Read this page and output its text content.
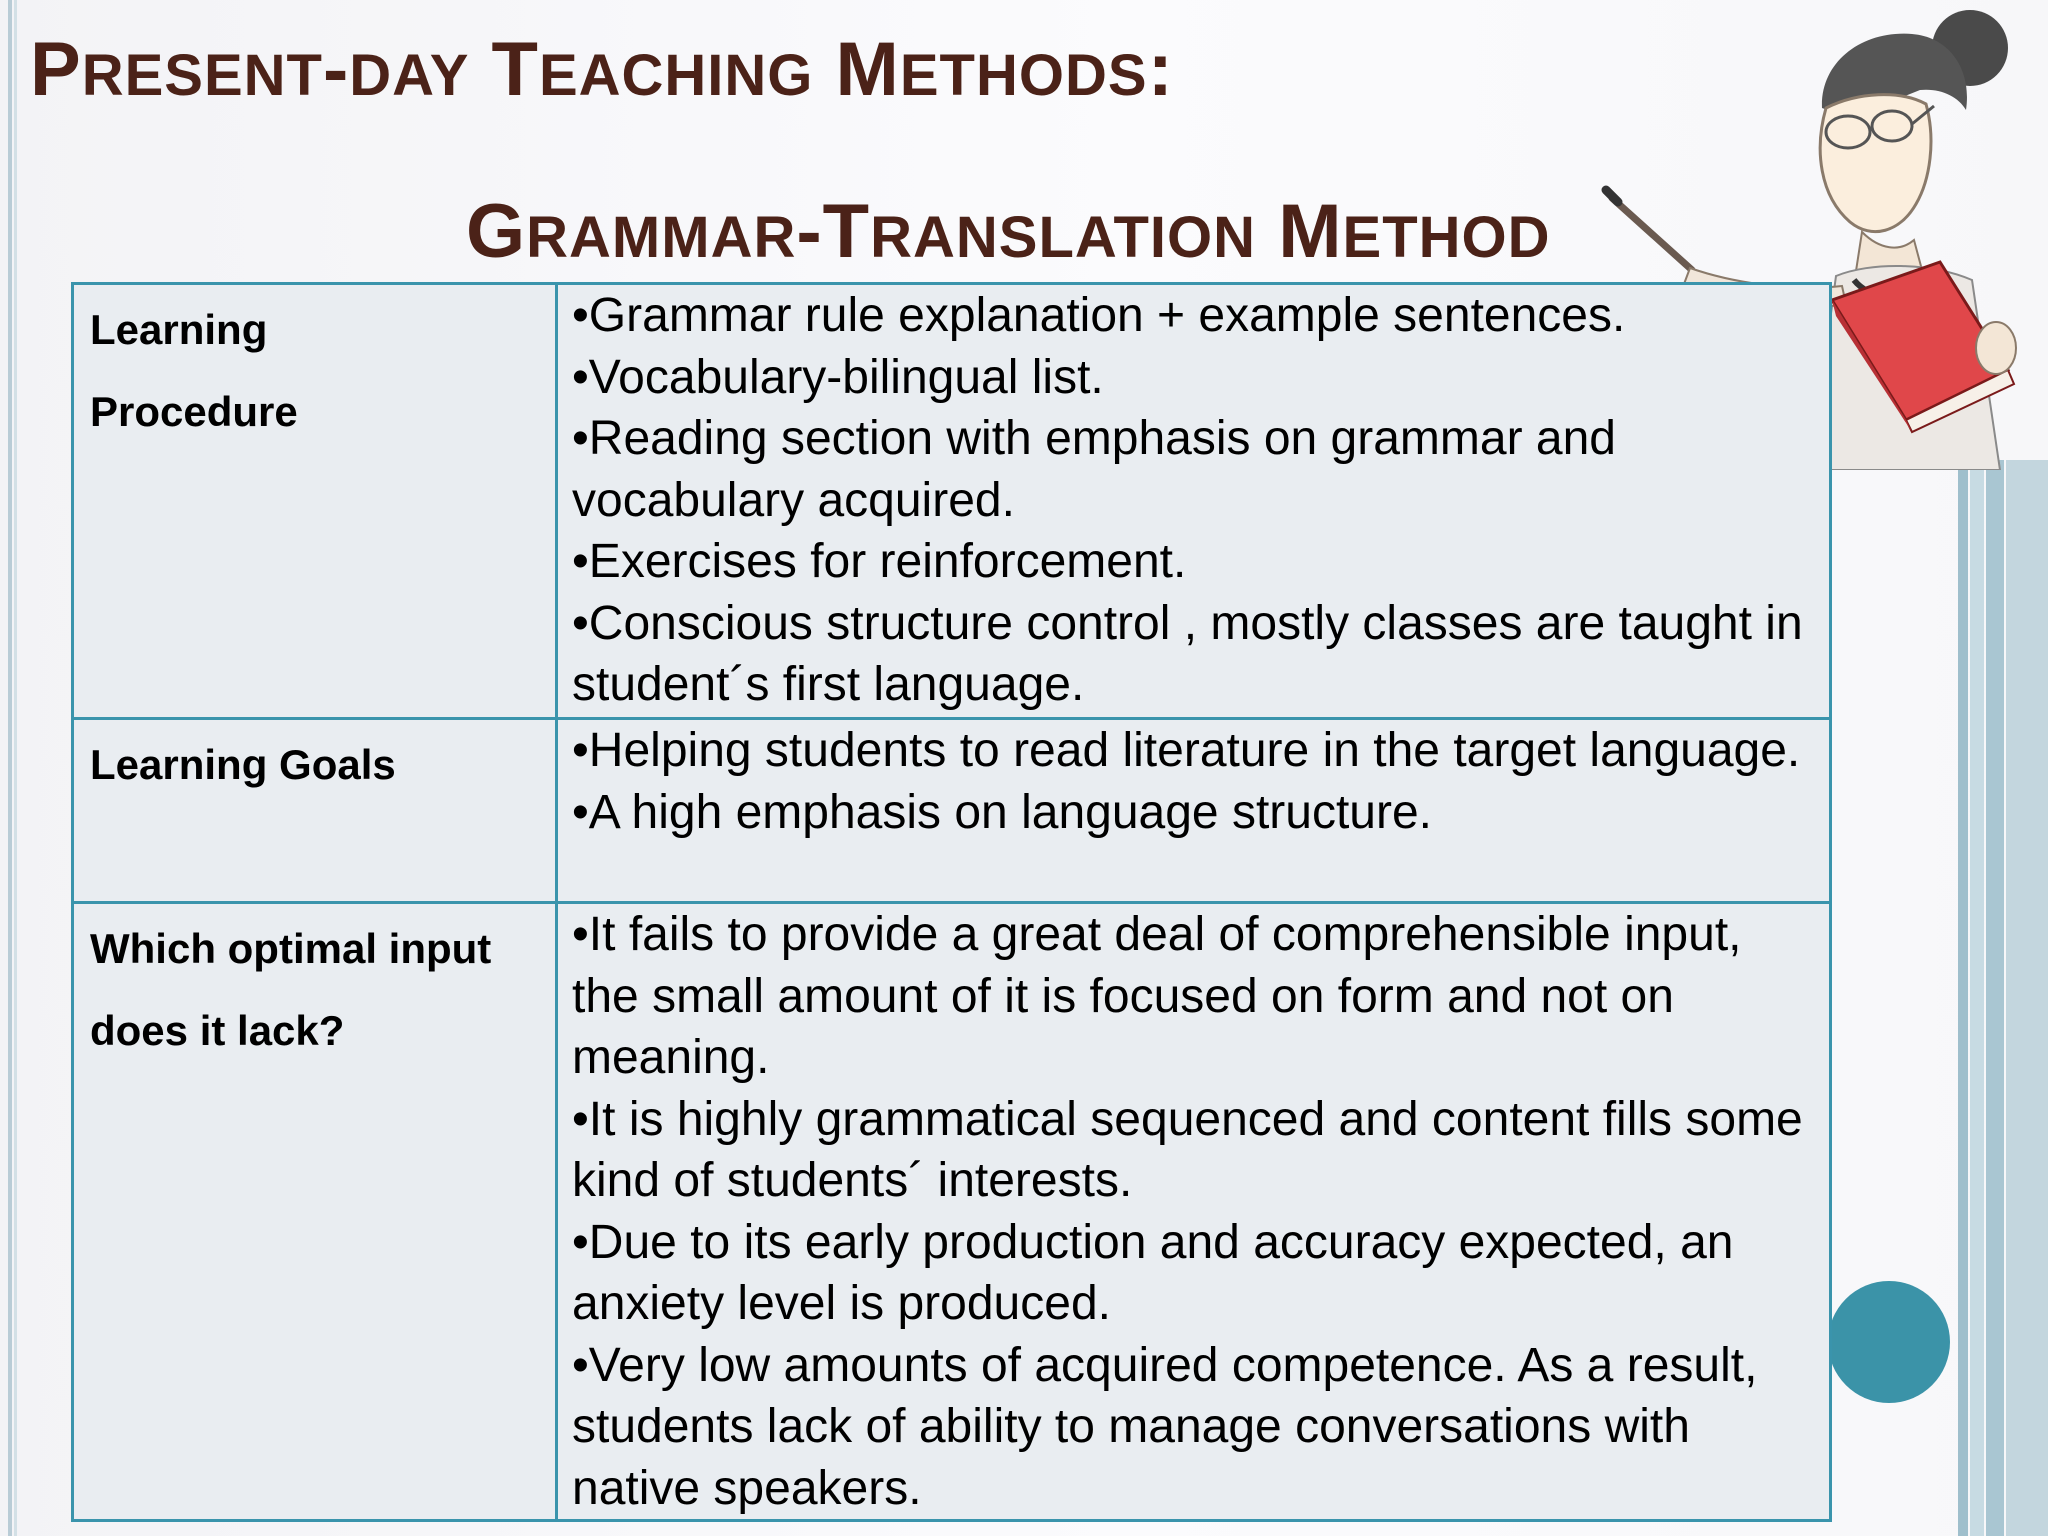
PRESENT-DAY TEACHING METHODS:
GRAMMAR-TRANSLATION METHOD
Learning
Procedure	•Grammar rule explanation + example sentences.
•Vocabulary-bilingual list.
•Reading section with emphasis on grammar and vocabulary acquired.
•Exercises for reinforcement.
•Conscious structure control , mostly classes are taught in student´s first language.

Learning Goals	•Helping students to read literature in the target language.
•A high emphasis on language structure.

Which optimal input does it lack?	•It fails to provide a great deal of comprehensible input, the small amount of it is focused on form and not on meaning.
•It is highly grammatical sequenced and content fills some kind of students´ interests.
•Due to its early production and accuracy expected, an anxiety level is produced.
•Very low amounts of acquired competence. As a result, students lack of ability to manage conversations with native speakers.
